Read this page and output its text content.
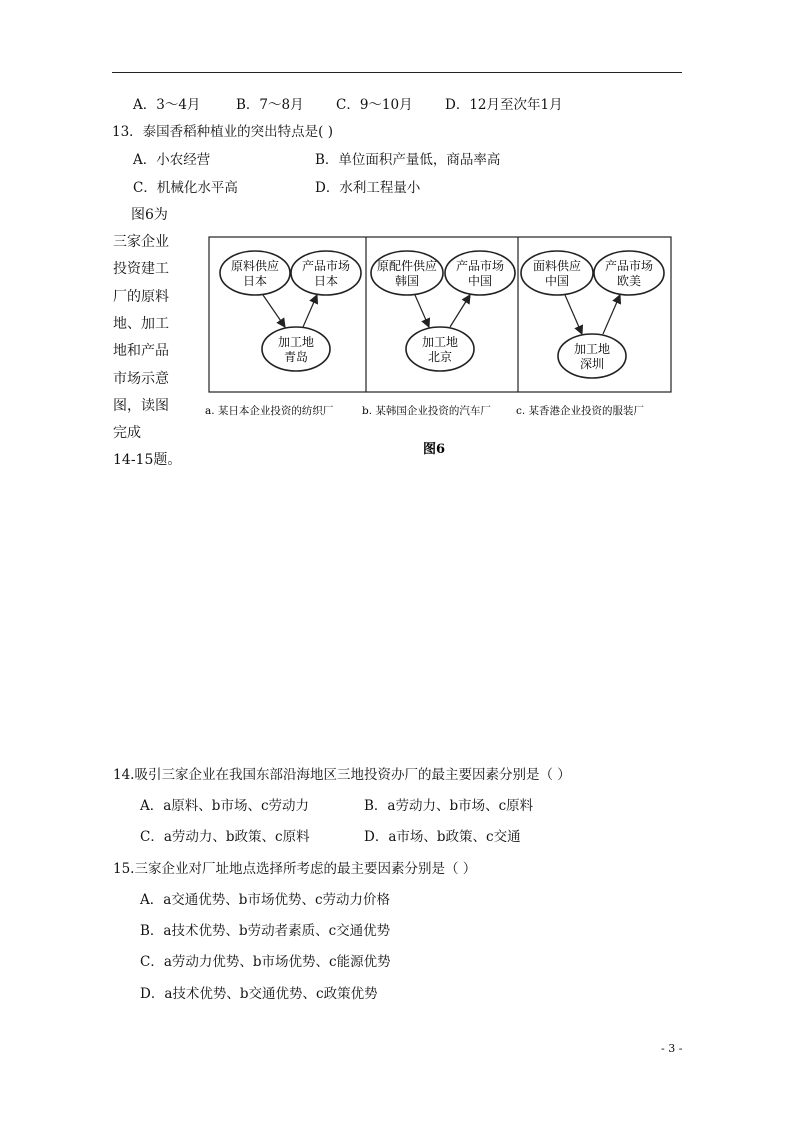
A．3～4月	B．7～8月 C．9～10月 D．12月至次年1月
13．泰国香稻种植业的突出特点是( )
A．小农经营	B．单位面积产量低，商品率高
C．机械化水平高	D．水利工程量小
图6为
三家企业
投资建工
厂的原料
地、加工
地和产品
市场示意
图，读图
完成
14-15题。
原料供应
日本
产品市场
日本
加工地
青岛
原配件供应
韩国
产品市场
中国
加工地
北京
面料供应
中国
产品市场
欧美
加工地
深圳
a. 某日本企业投资的纺织厂	b. 某韩国企业投资的汽车厂 c. 某香港企业投资的服装厂
图6
14.吸引三家企业在我国东部沿海地区三地投资办厂的最主要因素分别是（ ）
A．a原料、b市场、c劳动力	B．a劳动力、b市场、c原料
C．a劳动力、b政策、c原料	D．a市场、b政策、c交通
15.三家企业对厂址地点选择所考虑的最主要因素分别是（ ）
A．a交通优势、b市场优势、c劳动力价格
B．a技术优势、b劳动者素质、c交通优势
C．a劳动力优势、b市场优势、c能源优势
D．a技术优势、b交通优势、c政策优势
- 3 -
